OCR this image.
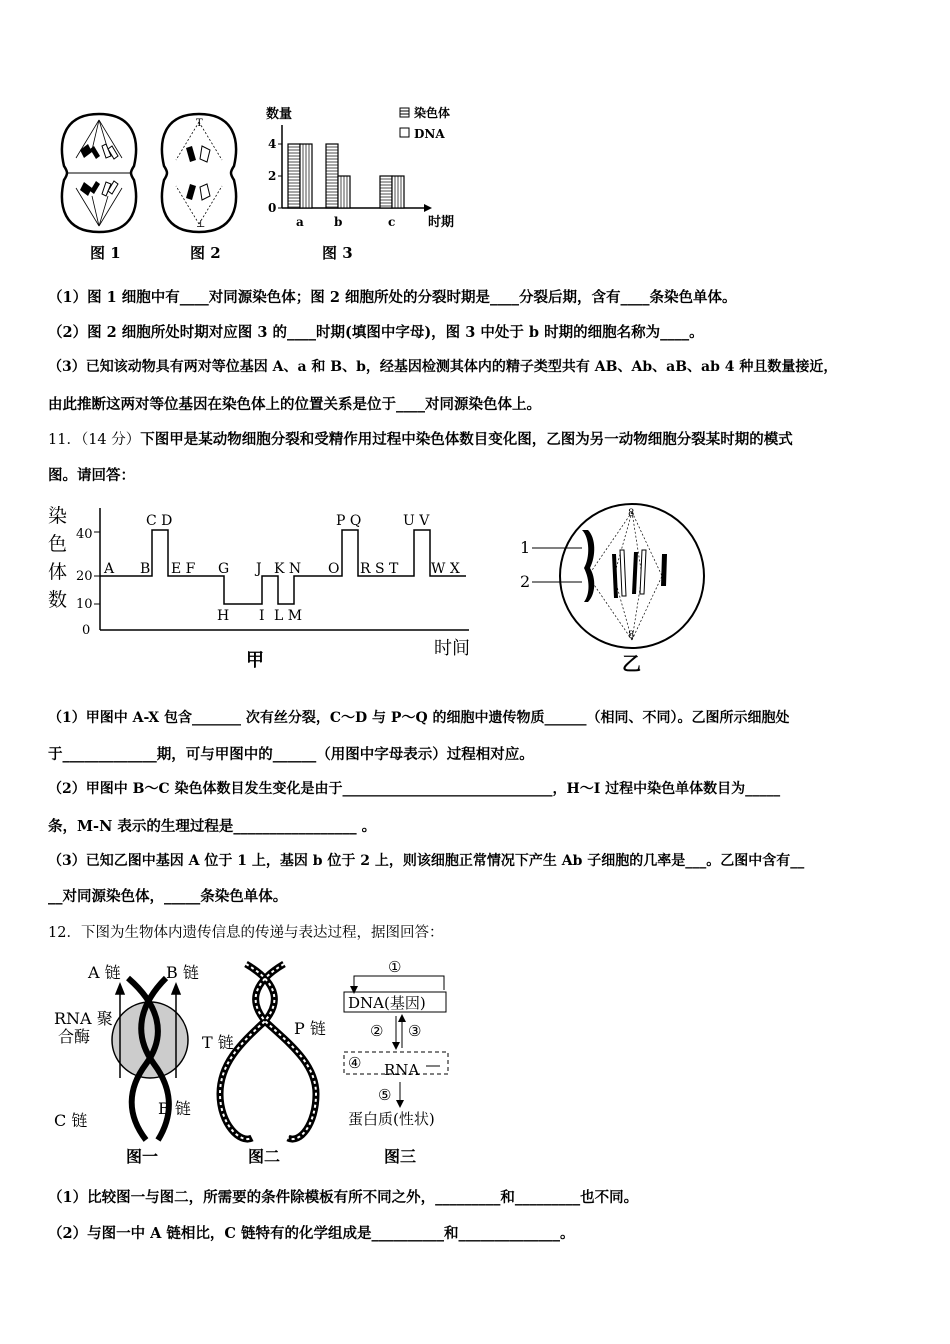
T
⊥
图 1	图 2
数量	染色体
DNA
0
2
4
a	b	c	时期
图 3
（1）图 1 细胞中有____对同源染色体；图 2 细胞所处的分裂时期是____分裂后期，含有____条染色单体。
（2）图 2 细胞所处时期对应图 3 的____时期(填图中字母)，图 3 中处于 b 时期的细胞名称为____。
（3）已知该动物具有两对等位基因 A、a 和 B、b，经基因检测其体内的精子类型共有 AB、Ab、aB、ab 4 种且数量接近，
由此推断这两对等位基因在染色体上的位置关系是位于____对同源染色体上。
11．（14 分）下图甲是某动物细胞分裂和受精作用过程中染色体数目变化图，乙图为另一动物细胞分裂某时期的模式
图。请回答：
染
色
体
数
40
20
10
0
A B
C D
E F G J K N O
P Q
R S T
U V
W X
H I L M
时间
甲
8
8
1
2
乙
（1）甲图中 A-X 包含_______ 次有丝分裂，C～D 与 P～Q 的细胞中遗传物质______（相同、不同）。乙图所示细胞处
于_____________期，可与甲图中的______（用图中字母表示）过程相对应。
（2）甲图中 B～C 染色体数目发生变化是由于______________________________，H～I 过程中染色单体数目为_____
条，M-N 表示的生理过程是_________________ 。
（3）已知乙图中基因 A 位于 1 上，基因 b 位于 2 上，则该细胞正常情况下产生 Ab 子细胞的几率是___。乙图中含有__
__对同源染色体，_____条染色单体。
12．下图为生物体内遗传信息的传递与表达过程，据图回答：
A 链	B 链
RNA 聚
合酶
C 链
B 链
图一
T 链
P 链
图二
①
DNA(基因)
② ③
④ RNA
⑤
蛋白质(性状)
图三
（1）比较图一与图二，所需要的条件除模板有所不同之外，_________和_________也不同。
（2）与图一中 A 链相比，C 链特有的化学组成是__________和______________。
